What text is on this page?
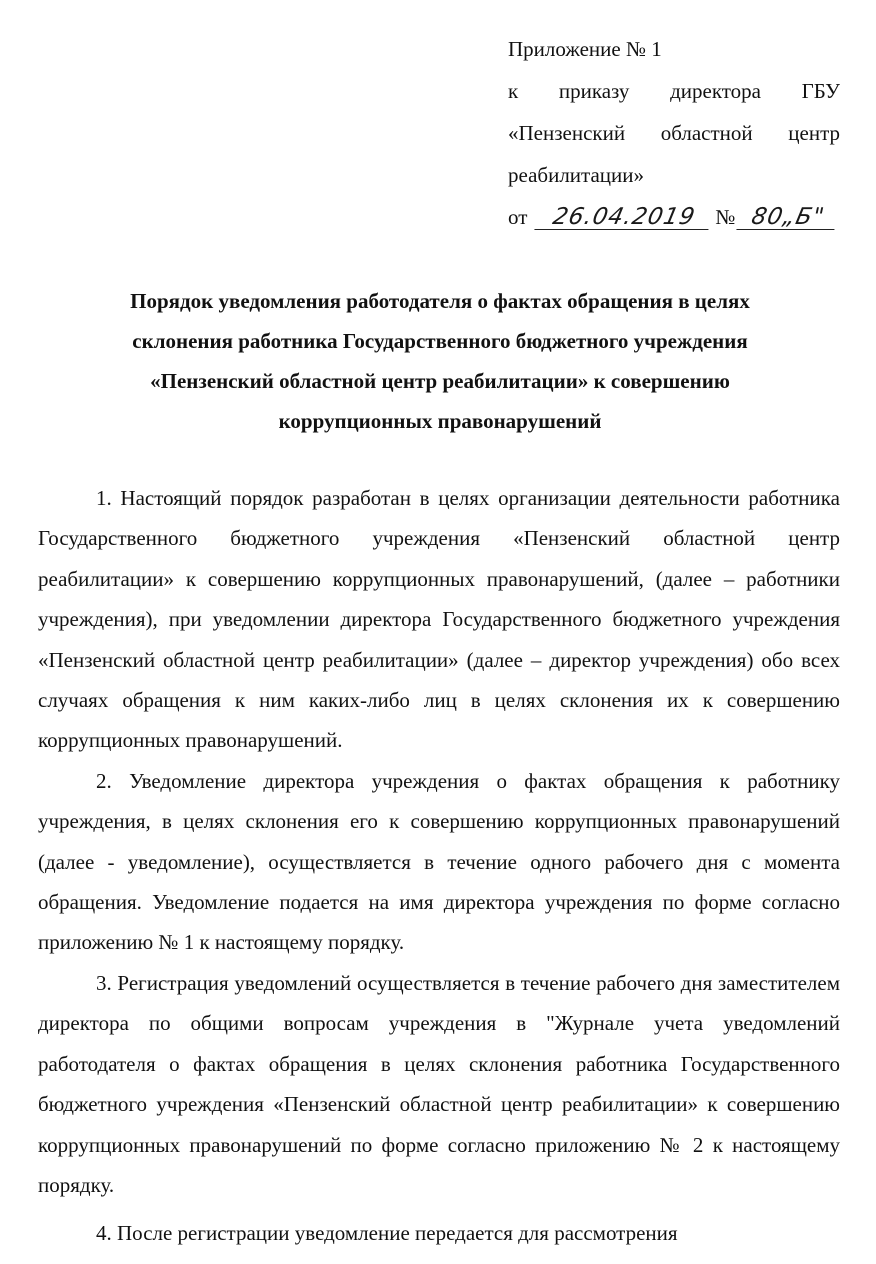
Приложение № 1
к приказу директора ГБУ
«Пензенский областной центр
реабилитации»
от	26.04.2019 № 80„Б"
Порядок уведомления работодателя о фактах обращения в целях склонения работника Государственного бюджетного учреждения «Пензенский областной центр реабилитации» к совершению коррупционных правонарушений

1. Настоящий порядок разработан в целях организации деятельности работника Государственного бюджетного учреждения «Пензенский областной центр реабилитации» к совершению коррупционных правонарушений, (далее – работники учреждения), при уведомлении директора Государственного бюджетного учреждения «Пензенский областной центр реабилитации» (далее – директор учреждения) обо всех случаях обращения к ним каких-либо лиц в целях склонения их к совершению коррупционных правонарушений.

2. Уведомление директора учреждения о фактах обращения к работнику учреждения, в целях склонения его к совершению коррупционных правонарушений (далее - уведомление), осуществляется в течение одного рабочего дня с момента обращения. Уведомление подается на имя директора учреждения по форме согласно приложению № 1 к настоящему порядку.

3. Регистрация уведомлений осуществляется в течение рабочего дня заместителем директора по общими вопросам учреждения в "Журнале учета уведомлений работодателя о фактах обращения в целях склонения работника Государственного бюджетного учреждения «Пензенский областной центр реабилитации» к совершению коррупционных правонарушений по форме согласно приложению № 2 к настоящему порядку.

4. После регистрации уведомление передается для рассмотрения
